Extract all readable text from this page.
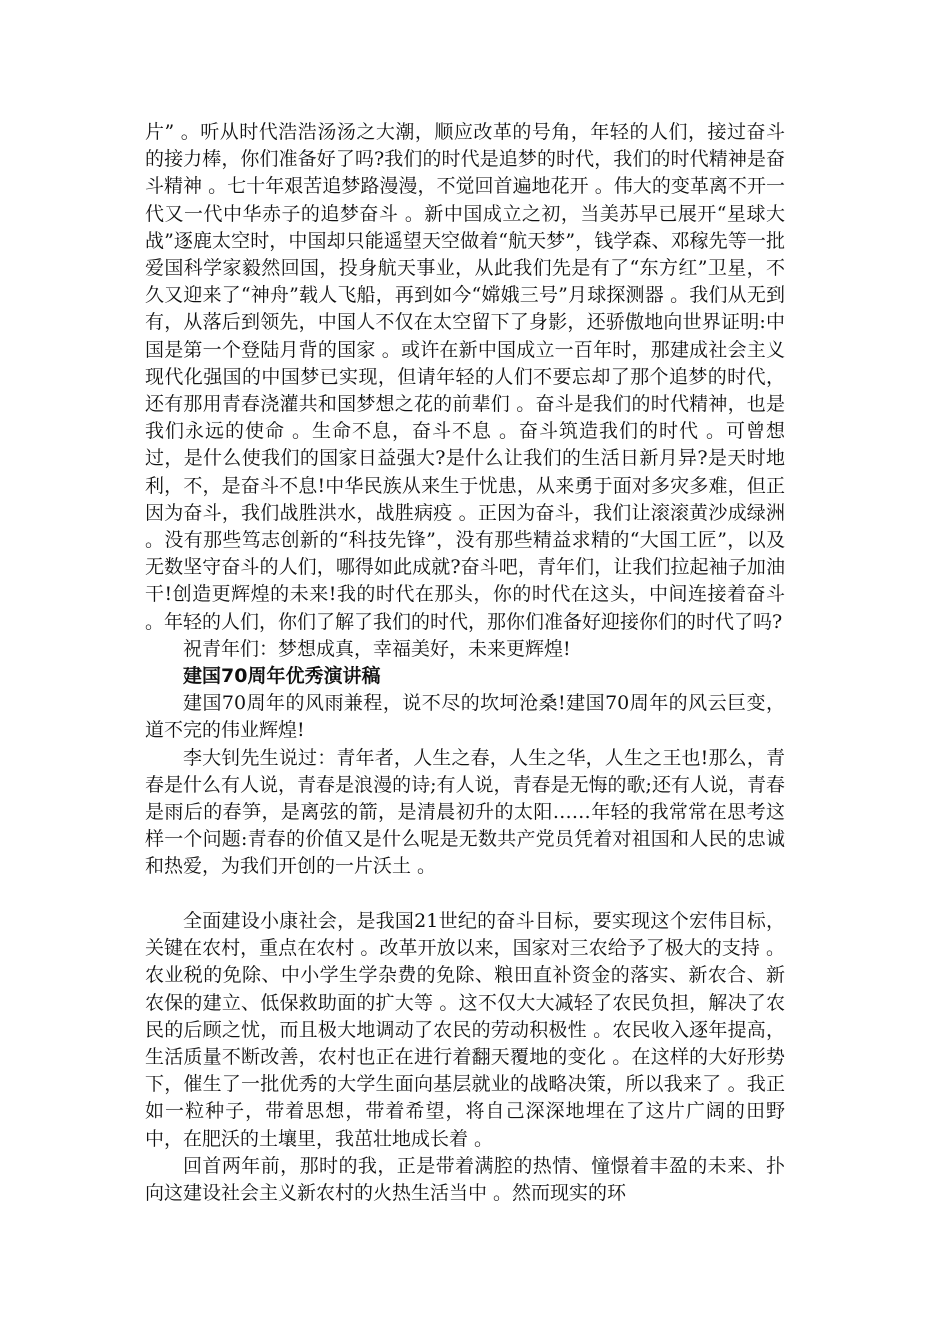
片” 。听从时代浩浩汤汤之大潮，顺应改革的号角，年轻的人们，接过奋斗的接力棒，你们准备好了吗?我们的时代是追梦的时代，我们的时代精神是奋斗精神 。七十年艰苦追梦路漫漫，不觉回首遍地花开 。伟大的变革离不开一代又一代中华赤子的追梦奋斗 。新中国成立之初，当美苏早已展开“星球大战”逐鹿太空时，中国却只能遥望天空做着“航天梦”，钱学森、邓稼先等一批爱国科学家毅然回国，投身航天事业，从此我们先是有了“东方红”卫星，不久又迎来了“神舟”载人飞船，再到如今“嫦娥三号”月球探测器 。我们从无到有，从落后到领先，中国人不仅在太空留下了身影，还骄傲地向世界证明:中国是第一个登陆月背的国家 。或许在新中国成立一百年时，那建成社会主义现代化强国的中国梦已实现，但请年轻的人们不要忘却了那个追梦的时代，还有那用青春浇灌共和国梦想之花的前辈们 。奋斗是我们的时代精神，也是我们永远的使命 。生命不息，奋斗不息 。奋斗筑造我们的时代 。可曾想过，是什么使我们的国家日益强大?是什么让我们的生活日新月异?是天时地利，不，是奋斗不息!中华民族从来生于忧患，从来勇于面对多灾多难，但正因为奋斗，我们战胜洪水，战胜病疫 。正因为奋斗，我们让滚滚黄沙成绿洲 。没有那些笃志创新的“科技先锋”，没有那些精益求精的“大国工匠”，以及无数坚守奋斗的人们，哪得如此成就?奋斗吧，青年们，让我们拉起袖子加油干!创造更辉煌的未来!我的时代在那头，你的时代在这头，中间连接着奋斗 。年轻的人们，你们了解了我们的时代，那你们准备好迎接你们的时代了吗?

祝青年们：梦想成真，幸福美好，未来更辉煌!

建国70周年优秀演讲稿

建国70周年的风雨兼程，说不尽的坎坷沧桑!建国70周年的风云巨变，道不完的伟业辉煌!

李大钊先生说过：青年者，人生之春，人生之华，人生之王也!那么，青春是什么有人说，青春是浪漫的诗;有人说，青春是无悔的歌;还有人说，青春是雨后的春笋，是离弦的箭，是清晨初升的太阳……年轻的我常常在思考这样一个问题:青春的价值又是什么呢是无数共产党员凭着对祖国和人民的忠诚和热爱，为我们开创的一片沃土 。

全面建设小康社会，是我国21世纪的奋斗目标，要实现这个宏伟目标，关键在农村，重点在农村 。改革开放以来，国家对三农给予了极大的支持 。农业税的免除、中小学生学杂费的免除、粮田直补资金的落实、新农合、新农保的建立、低保救助面的扩大等 。这不仅大大减轻了农民负担，解决了农民的后顾之忧，而且极大地调动了农民的劳动积极性 。农民收入逐年提高，生活质量不断改善，农村也正在进行着翻天覆地的变化 。在这样的大好形势下，催生了一批优秀的大学生面向基层就业的战略决策，所以我来了 。我正如一粒种子，带着思想，带着希望，将自己深深地埋在了这片广阔的田野中，在肥沃的土壤里，我茁壮地成长着 。

回首两年前，那时的我，正是带着满腔的热情、憧憬着丰盈的未来、扑向这建设社会主义新农村的火热生活当中 。然而现实的环
